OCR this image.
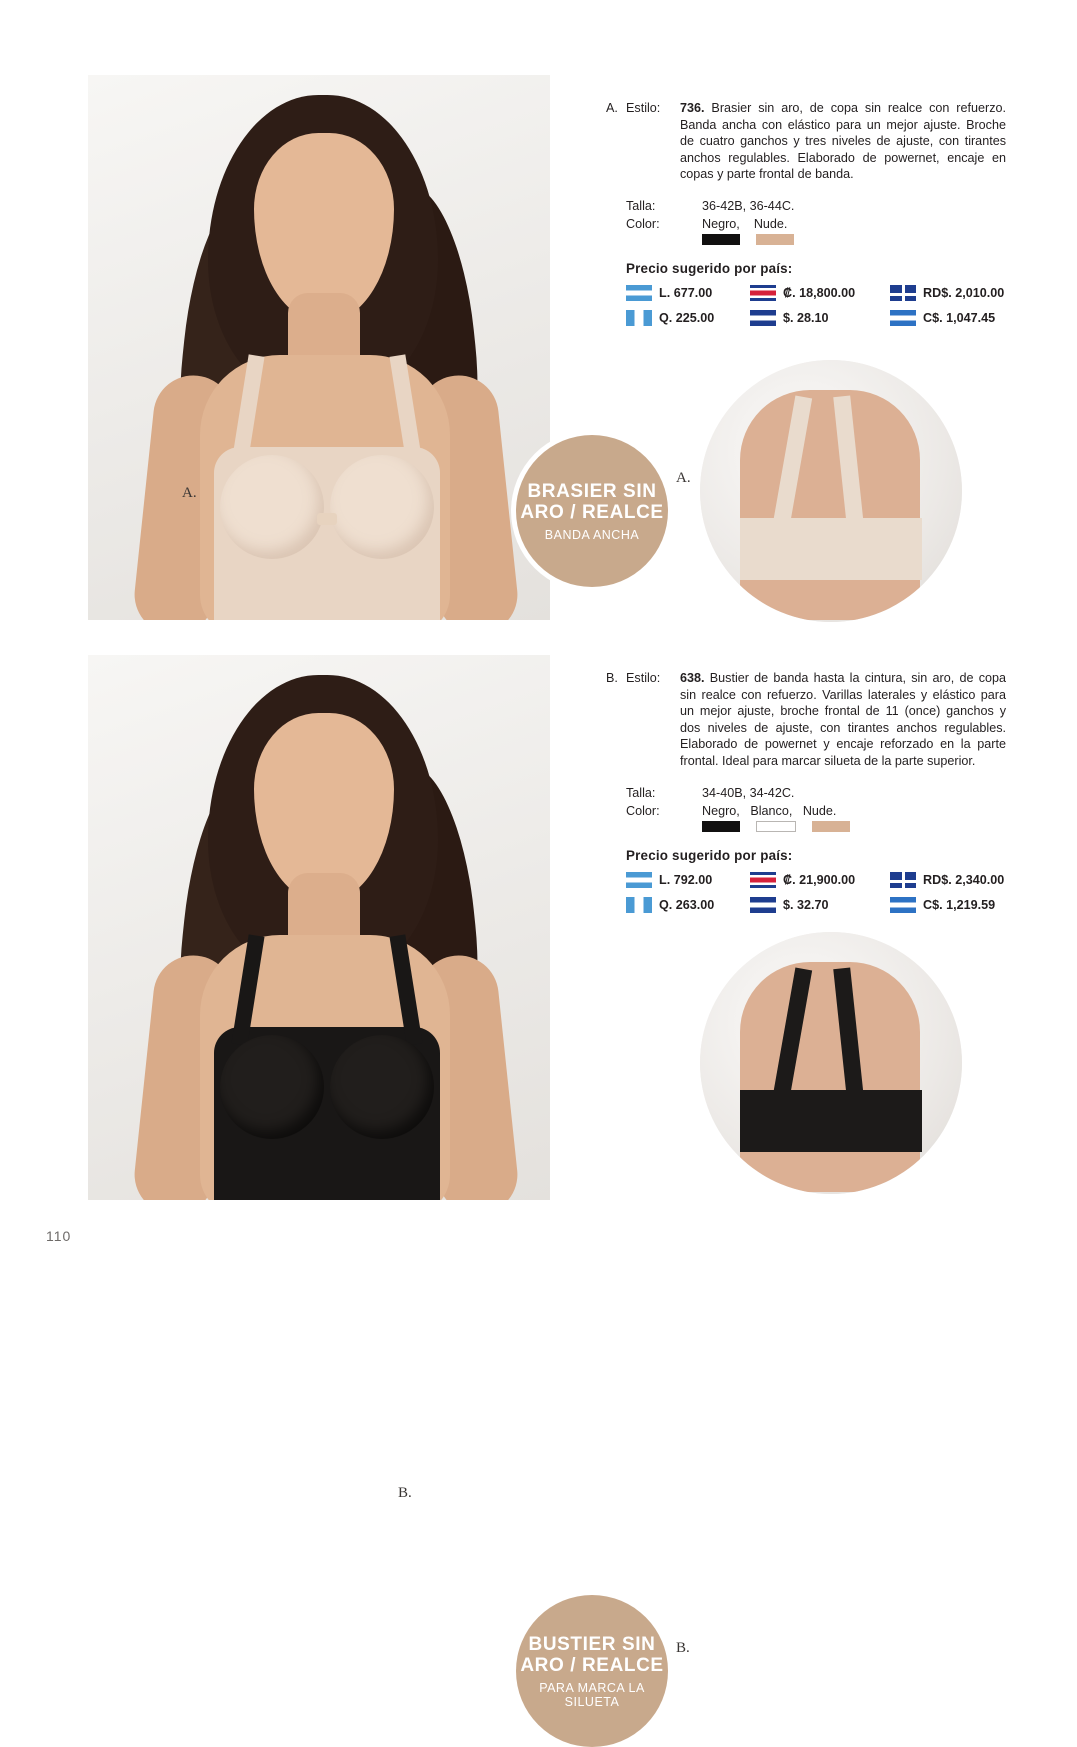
A.
A.
BRASIER SIN ARO / REALCE
BANDA ANCHA
A. Estilo:	736. Brasier sin aro, de copa sin realce con refuerzo. Banda ancha con elástico para un mejor ajuste. Broche de cuatro ganchos y tres niveles de ajuste, con tirantes anchos regulables. Elaborado de powernet, encaje en copas y parte frontal de banda.
Talla:	36-42B, 36-44C.
Color:	Negro, Nude.
Precio sugerido por país:
L. 677.00	₡. 18,800.00	RD$. 2,010.00
Q. 225.00	$. 28.10	C$. 1,047.45
B.
B.
BUSTIER SIN ARO / REALCE
PARA MARCA LA SILUETA
B. Estilo:	638. Bustier de banda hasta la cintura, sin aro, de copa sin realce con refuerzo. Varillas laterales y elástico para un mejor ajuste, broche frontal de 11 (once) ganchos y dos niveles de ajuste, con tirantes anchos regulables. Elaborado de powernet y encaje reforzado en la parte frontal. Ideal para marcar silueta de la parte superior.
Talla:	34-40B, 34-42C.
Color:	Negro, Blanco, Nude.
Precio sugerido por país:
L. 792.00	₡. 21,900.00	RD$. 2,340.00
Q. 263.00	$. 32.70	C$. 1,219.59
110
